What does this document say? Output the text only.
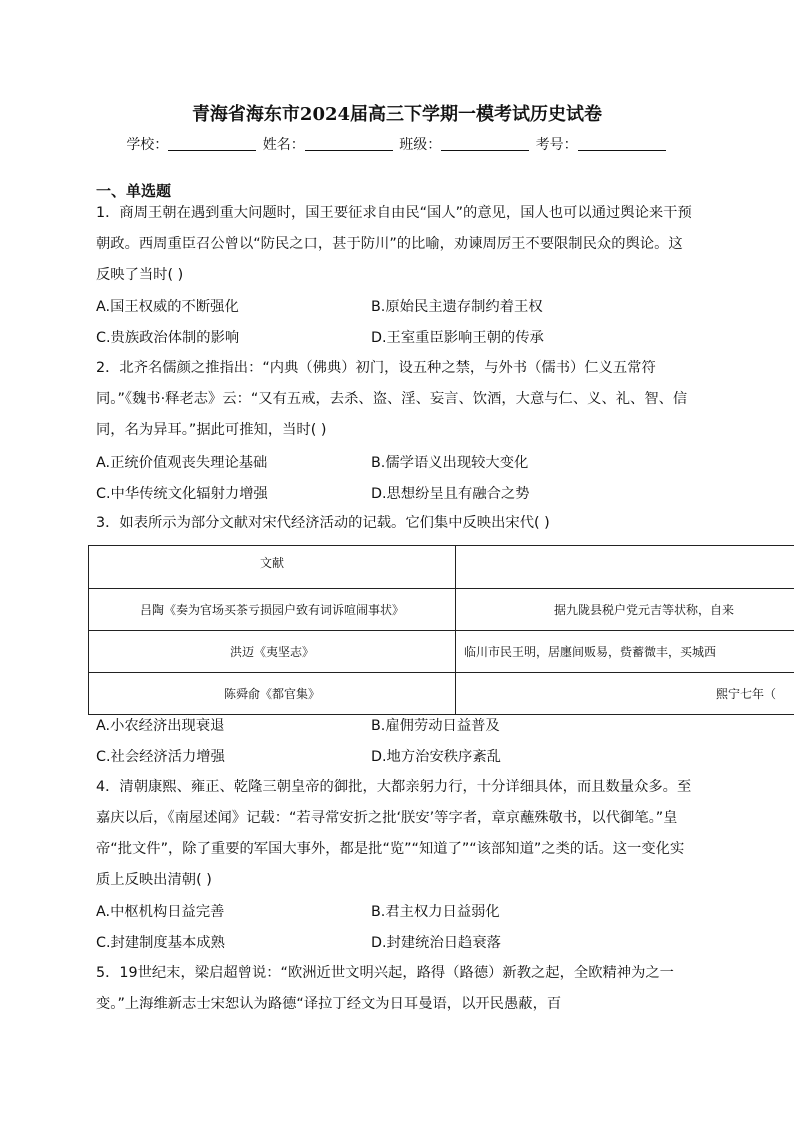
青海省海东市2024届高三下学期一模考试历史试卷
学校：	姓名：	班级：	考号：
一、单选题
1．商周王朝在遇到重大问题时，国王要征求自由民“国人”的意见，国人也可以通过舆论来干预朝政。西周重臣召公曾以“防民之口，甚于防川”的比喻，劝谏周厉王不要限制民众的舆论。这反映了当时( )
A.国王权威的不断强化	B.原始民主遗存制约着王权
C.贵族政治体制的影响	D.王室重臣影响王朝的传承
2．北齐名儒颜之推指出：“内典（佛典）初门，设五种之禁，与外书（儒书）仁义五常符同。”《魏书·释老志》云：“又有五戒，去杀、盗、淫、妄言、饮酒，大意与仁、义、礼、智、信同，名为异耳。”据此可推知，当时( )
A.正统价值观丧失理论基础	B.儒学语义出现较大变化
C.中华传统文化辐射力增强	D.思想纷呈且有融合之势
3．如表所示为部分文献对宋代经济活动的记载。它们集中反映出宋代( )
文献	
吕陶《奏为官场买茶亏损园户致有词诉喧闹事状》	据九陇县税户党元吉等状称，自来
洪迈《夷坚志》	临川市民王明，居廛间贩易，赀蓄微丰，买城西
陈舜俞《都官集》	熙宁七年（
A.小农经济出现衰退	B.雇佣劳动日益普及
C.社会经济活力增强	D.地方治安秩序紊乱
4．清朝康熙、雍正、乾隆三朝皇帝的御批，大都亲躬力行，十分详细具体，而且数量众多。至嘉庆以后，《南屋述闻》记载：“若寻常安折之批‘朕安’等字者，章京蘸殊敬书，以代御笔。”皇帝“批文件”，除了重要的军国大事外，都是批“览”“知道了”“该部知道”之类的话。这一变化实质上反映出清朝( )
A.中枢机构日益完善	B.君主权力日益弱化
C.封建制度基本成熟	D.封建统治日趋衰落
5．19世纪末，梁启超曾说：“欧洲近世文明兴起，路得（路德）新教之起，全欧精神为之一变。”上海维新志士宋恕认为路德“译拉丁经文为日耳曼语，以开民愚蔽，百
